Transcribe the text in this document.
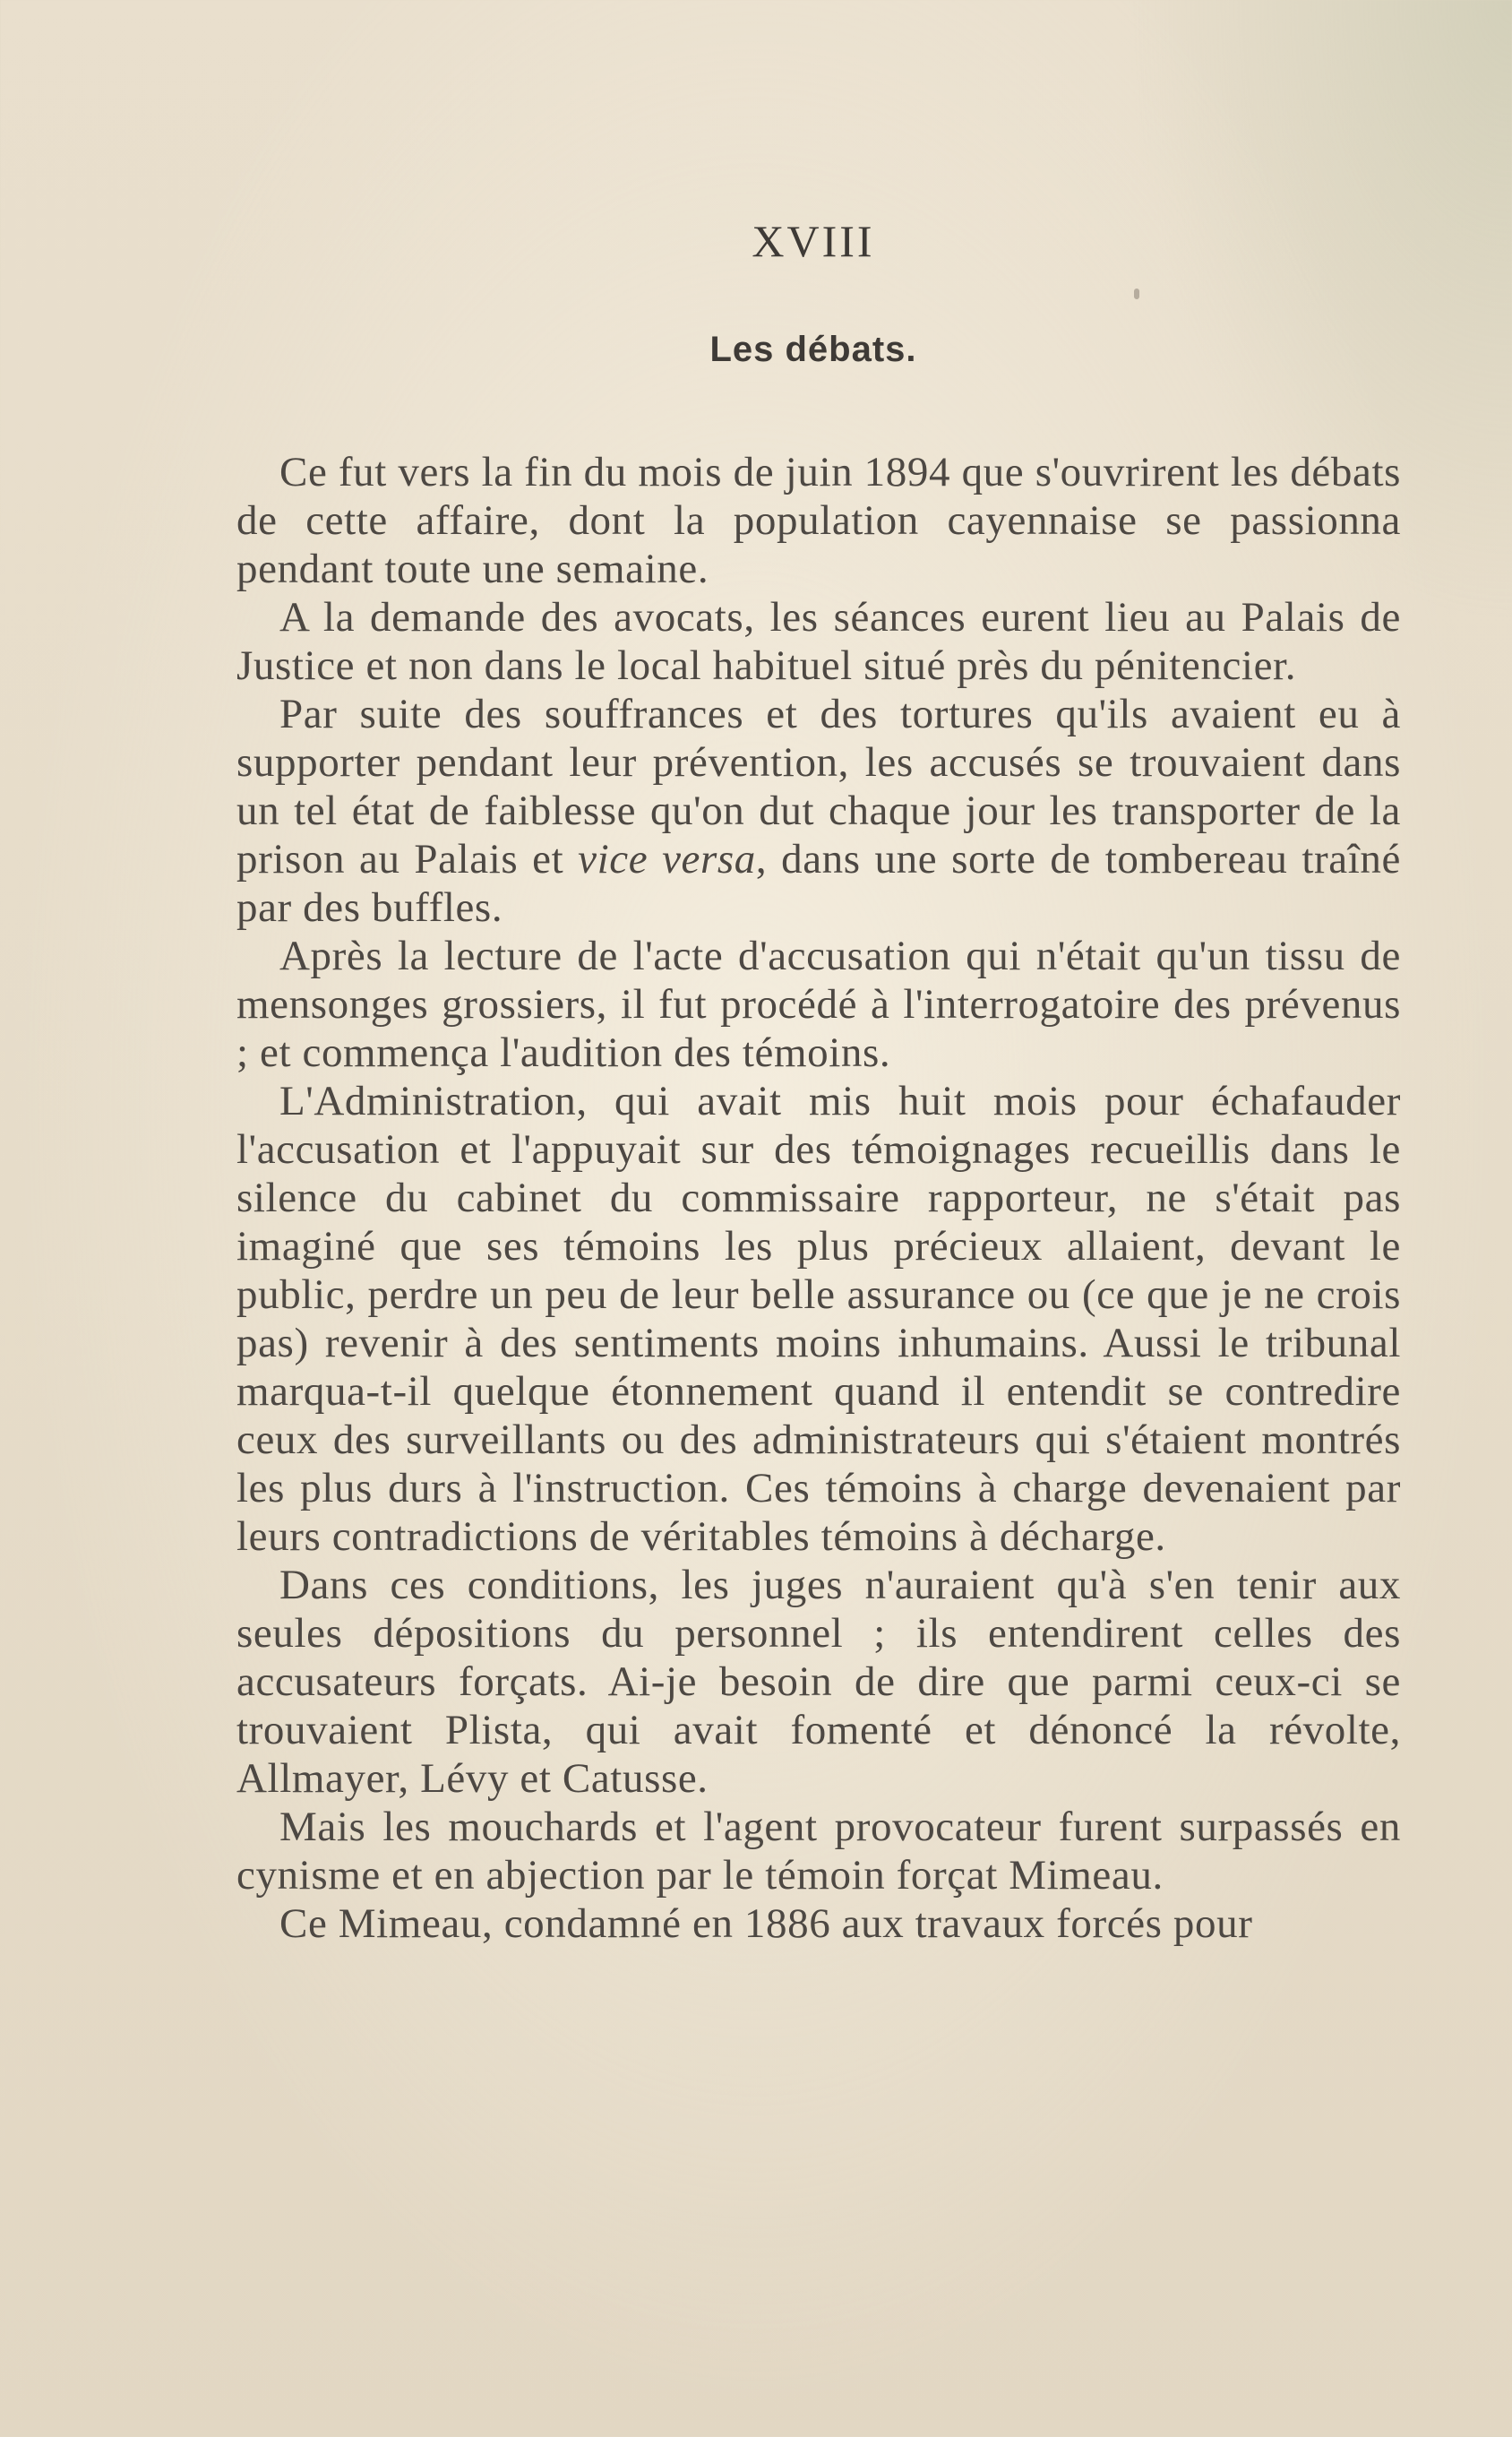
XVIII
Les débats.

Ce fut vers la fin du mois de juin 1894 que s'ouvrirent les débats de cette affaire, dont la population cayennaise se passionna pendant toute une semaine.

A la demande des avocats, les séances eurent lieu au Palais de Justice et non dans le local habituel situé près du pénitencier.

Par suite des souffrances et des tortures qu'ils avaient eu à supporter pendant leur prévention, les accusés se trouvaient dans un tel état de faiblesse qu'on dut chaque jour les transporter de la prison au Palais et vice versa, dans une sorte de tombereau traîné par des buffles.

Après la lecture de l'acte d'accusation qui n'était qu'un tissu de mensonges grossiers, il fut procédé à l'interrogatoire des prévenus ; et commença l'audition des témoins.

L'Administration, qui avait mis huit mois pour échafauder l'accusation et l'appuyait sur des témoignages recueillis dans le silence du cabinet du commissaire rapporteur, ne s'était pas imaginé que ses témoins les plus précieux allaient, devant le public, perdre un peu de leur belle assurance ou (ce que je ne crois pas) revenir à des sentiments moins inhumains. Aussi le tribunal marqua-t-il quelque étonnement quand il entendit se contredire ceux des surveillants ou des administrateurs qui s'étaient montrés les plus durs à l'instruction. Ces témoins à charge devenaient par leurs contradictions de véritables témoins à décharge.

Dans ces conditions, les juges n'auraient qu'à s'en tenir aux seules dépositions du personnel ; ils entendirent celles des accusateurs forçats. Ai-je besoin de dire que parmi ceux-ci se trouvaient Plista, qui avait fomenté et dénoncé la révolte, Allmayer, Lévy et Catusse.

Mais les mouchards et l'agent provocateur furent surpassés en cynisme et en abjection par le témoin forçat Mimeau.

Ce Mimeau, condamné en 1886 aux travaux forcés pour
